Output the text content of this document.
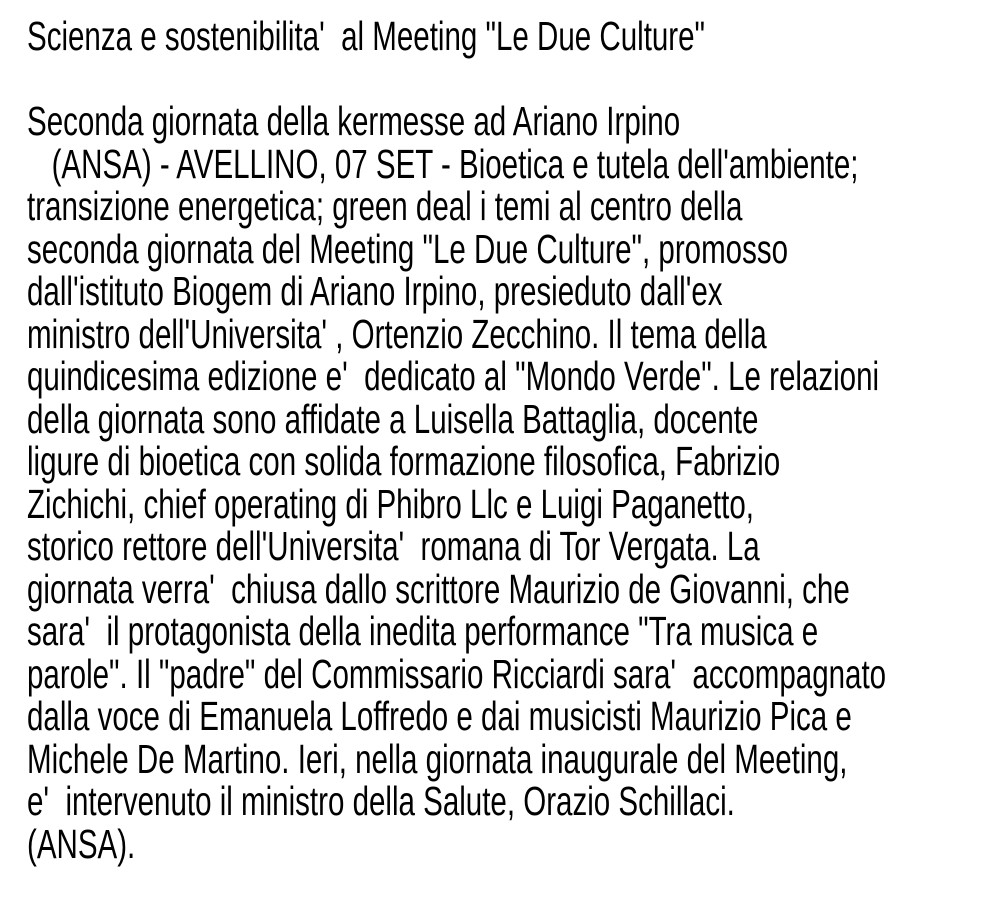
Scienza e sostenibilita'  al Meeting "Le Due Culture"
Seconda giornata della kermesse ad Ariano Irpino
(ANSA) - AVELLINO, 07 SET - Bioetica e tutela dell'ambiente;
transizione energetica; green deal i temi al centro della
seconda giornata del Meeting "Le Due Culture", promosso
dall'istituto Biogem di Ariano Irpino, presieduto dall'ex
ministro dell'Universita' , Ortenzio Zecchino. Il tema della
quindicesima edizione e'  dedicato al "Mondo Verde". Le relazioni
della giornata sono affidate a Luisella Battaglia, docente
ligure di bioetica con solida formazione filosofica, Fabrizio
Zichichi, chief operating di Phibro Llc e Luigi Paganetto,
storico rettore dell'Universita'  romana di Tor Vergata. La
giornata verra'  chiusa dallo scrittore Maurizio de Giovanni, che
sara'  il protagonista della inedita performance "Tra musica e
parole". Il "padre" del Commissario Ricciardi sara'  accompagnato
dalla voce di Emanuela Loffredo e dai musicisti Maurizio Pica e
Michele De Martino. Ieri, nella giornata inaugurale del Meeting,
e'  intervenuto il ministro della Salute, Orazio Schillaci.
(ANSA).
